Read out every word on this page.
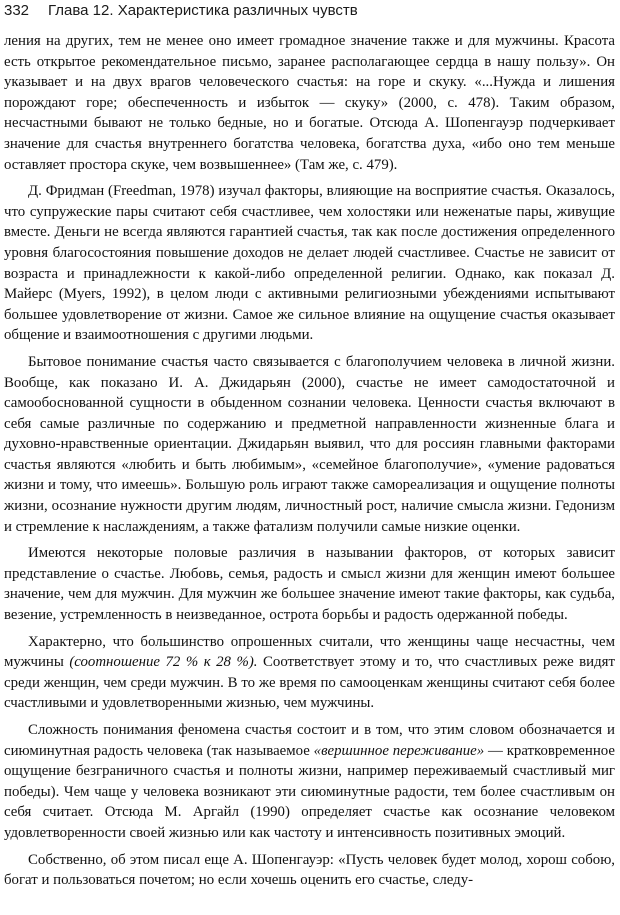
332 Глава 12. Характеристика различных чувств

ления на других, тем не менее оно имеет громадное значение также и для мужчины. Красота есть открытое рекомендательное письмо, заранее располагающее сердца в нашу пользу». Он указывает и на двух врагов человеческого счастья: на горе и скуку. «...Нужда и лишения порождают горе; обеспеченность и избыток — скуку» (2000, с. 478). Таким образом, несчастными бывают не только бедные, но и богатые. Отсюда А. Шопенгауэр подчеркивает значение для счастья внутреннего богатства человека, богатства духа, «ибо оно тем меньше оставляет простора скуке, чем возвышеннее» (Там же, с. 479).

Д. Фридман (Freedman, 1978) изучал факторы, влияющие на восприятие счастья. Оказалось, что супружеские пары считают себя счастливее, чем холостяки или неженатые пары, живущие вместе. Деньги не всегда являются гарантией счастья, так как после достижения определенного уровня благосостояния повышение доходов не делает людей счастливее. Счастье не зависит от возраста и принадлежности к какой-либо определенной религии. Однако, как показал Д. Майерс (Myers, 1992), в целом люди с активными религиозными убеждениями испытывают большее удовлетворение от жизни. Самое же сильное влияние на ощущение счастья оказывает общение и взаимоотношения с другими людьми.

Бытовое понимание счастья часто связывается с благополучием человека в личной жизни. Вообще, как показано И. А. Джидарьян (2000), счастье не имеет самодостаточной и самообоснованной сущности в обыденном сознании человека. Ценности счастья включают в себя самые различные по содержанию и предметной направленности жизненные блага и духовно-нравственные ориентации. Джидарьян выявил, что для россиян главными факторами счастья являются «любить и быть любимым», «семейное благополучие», «умение радоваться жизни и тому, что имеешь». Большую роль играют также самореализация и ощущение полноты жизни, осознание нужности другим людям, личностный рост, наличие смысла жизни. Гедонизм и стремление к наслаждениям, а также фатализм получили самые низкие оценки.

Имеются некоторые половые различия в назывании факторов, от которых зависит представление о счастье. Любовь, семья, радость и смысл жизни для женщин имеют большее значение, чем для мужчин. Для мужчин же большее значение имеют такие факторы, как судьба, везение, устремленность в неизведанное, острота борьбы и радость одержанной победы.

Характерно, что большинство опрошенных считали, что женщины чаще несчастны, чем мужчины (соотношение 72 % к 28 %). Соответствует этому и то, что счастливых реже видят среди женщин, чем среди мужчин. В то же время по самооценкам женщины считают себя более счастливыми и удовлетворенными жизнью, чем мужчины.

Сложность понимания феномена счастья состоит и в том, что этим словом обозначается и сиюминутная радость человека (так называемое «вершинное переживание» — кратковременное ощущение безграничного счастья и полноты жизни, например переживаемый счастливый миг победы). Чем чаще у человека возникают эти сиюминутные радости, тем более счастливым он себя считает. Отсюда М. Аргайл (1990) определяет счастье как осознание человеком удовлетворенности своей жизнью или как частоту и интенсивность позитивных эмоций.

Собственно, об этом писал еще А. Шопенгауэр: «Пусть человек будет молод, хорош собою, богат и пользоваться почетом; но если хочешь оценить его счастье, следу-
